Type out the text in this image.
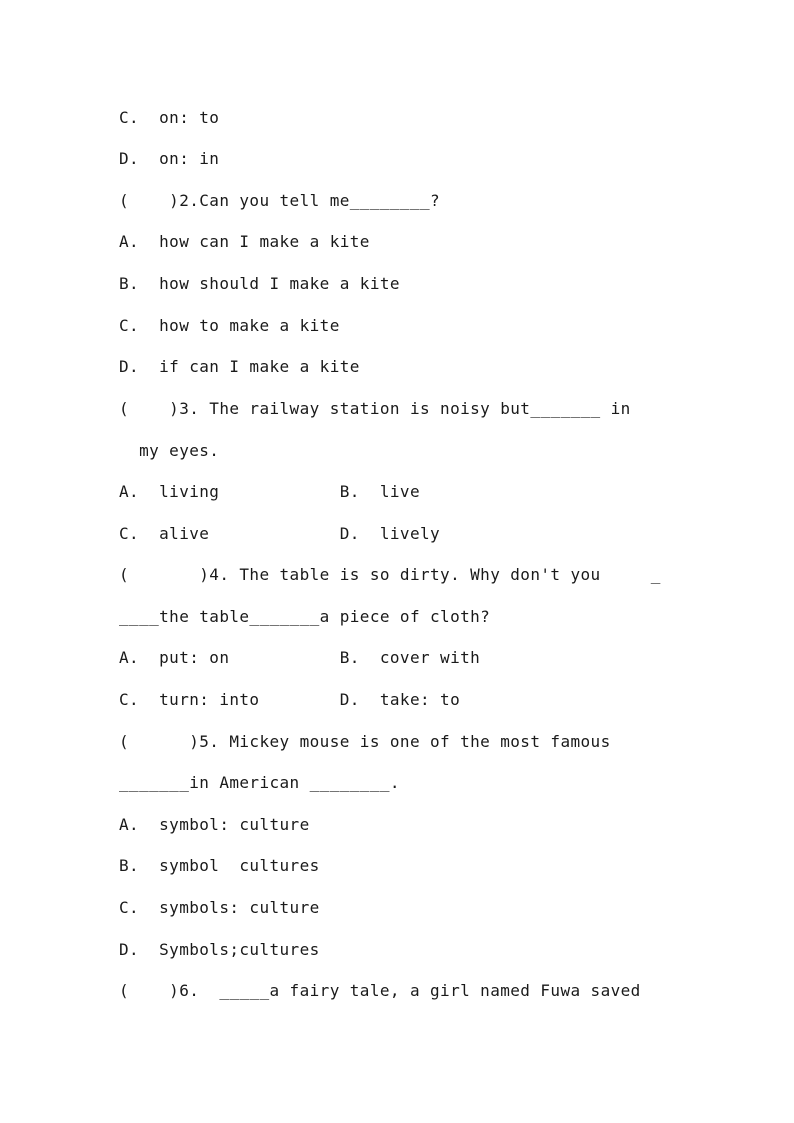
C.  on: to
D.  on: in
(    )2.Can you tell me________?
A.  how can I make a kite
B.  how should I make a kite
C.  how to make a kite
D.  if can I make a kite
(    )3. The railway station is noisy but_______ in
my eyes.
A.  living            B.  live
C.  alive             D.  lively
(       )4. The table is so dirty. Why don't you     _
____the table_______a piece of cloth?
A.  put: on           B.  cover with
C.  turn: into        D.  take: to
(      )5. Mickey mouse is one of the most famous
_______in American ________.
A.  symbol: culture
B.  symbol  cultures
C.  symbols: culture
D.  Symbols;cultures
(    )6.  _____a fairy tale, a girl named Fuwa saved
